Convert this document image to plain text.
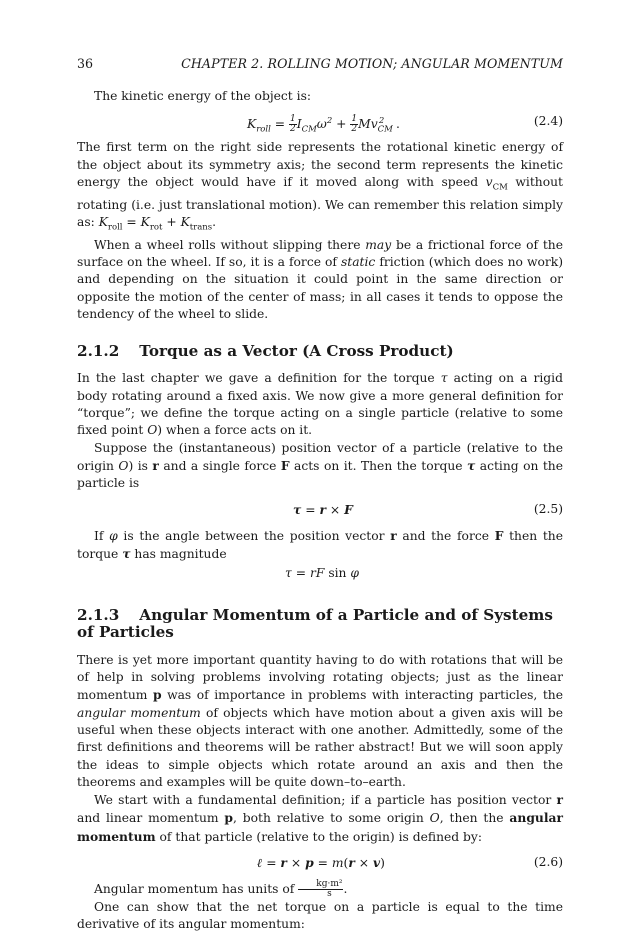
36	CHAPTER 2. ROLLING MOTION; ANGULAR MOMENTUM

The kinetic energy of the object is:

$K_{roll} = \frac{1}{2} I_{CM}\omega^2 + \frac{1}{2} Mv_{CM}^2$   .	(2.4)

The first term on the right side represents the rotational kinetic energy of the object about its symmetry axis; the second term represents the kinetic energy the object would have if it moved along with speed $v_{CM}$ without rotating (i.e. just translational motion). We can remember this relation simply as: $K_{roll} = K_{rot} + K_{trans}$.

When a wheel rolls without slipping there may be a frictional force of the surface on the wheel. If so, it is a force of static friction (which does no work) and depending on the situation it could point in the same direction or opposite the motion of the center of mass; in all cases it tends to oppose the tendency of the wheel to slide.

2.1.2 Torque as a Vector (A Cross Product)

In the last chapter we gave a definition for the torque τ acting on a rigid body rotating around a fixed axis. We now give a more general definition for “torque”; we define the torque acting on a single particle (relative to some fixed point O) when a force acts on it.

Suppose the (instantaneous) position vector of a particle (relative to the origin O) is r and a single force F acts on it. Then the torque τ acting on the particle is

τ = r × F	(2.5)

If φ is the angle between the position vector r and the force F then the torque τ has magnitude

τ = rF sin φ
2.1.3 Angular Momentum of a Particle and of Systems of Particles

There is yet more important quantity having to do with rotations that will be of help in solving problems involving rotating objects; just as the linear momentum p was of importance in problems with interacting particles, the angular momentum of objects which have motion about a given axis will be useful when these objects interact with one another. Admittedly, some of the first definitions and theorems will be rather abstract! But we will soon apply the ideas to simple objects which rotate around an axis and then the theorems and examples will be quite down–to–earth.

We start with a fundamental definition; if a particle has position vector r and linear momentum p, both relative to some origin O, then the angular momentum of that particle (relative to the origin) is defined by:

ℓ = r × p = m(r × v)	(2.6)

Angular momentum has units of $\frac{\text{kg·m²}}{s}$ .

One can show that the net torque on a particle is equal to the time derivative of its angular momentum:
